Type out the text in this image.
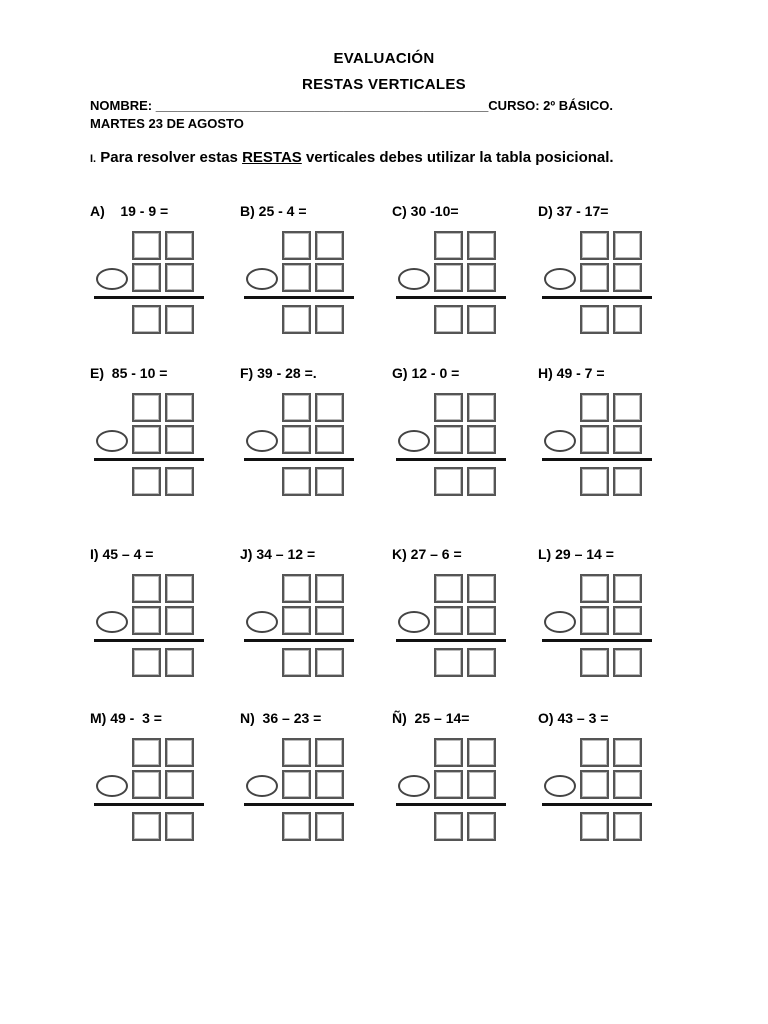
EVALUACIÓN
RESTAS VERTICALES
NOMBRE: ______________________________________________CURSO: 2º BÁSICO.
MARTES 23 DE AGOSTO
I. Para resolver estas RESTAS verticales debes utilizar la tabla posicional.
A)    19 - 9 =	B) 25 - 4 =	C) 30 -10=	D) 37 - 17=
E)  85 - 10 =	F) 39 - 28 =.	G) 12 - 0 =	H) 49 - 7 =
I) 45 – 4 =	J) 34 – 12 =	K) 27 – 6 =	L) 29 – 14 =
M) 49 -  3 =	N)  36 – 23 =	Ñ)  25 – 14=	O) 43 – 3 =
